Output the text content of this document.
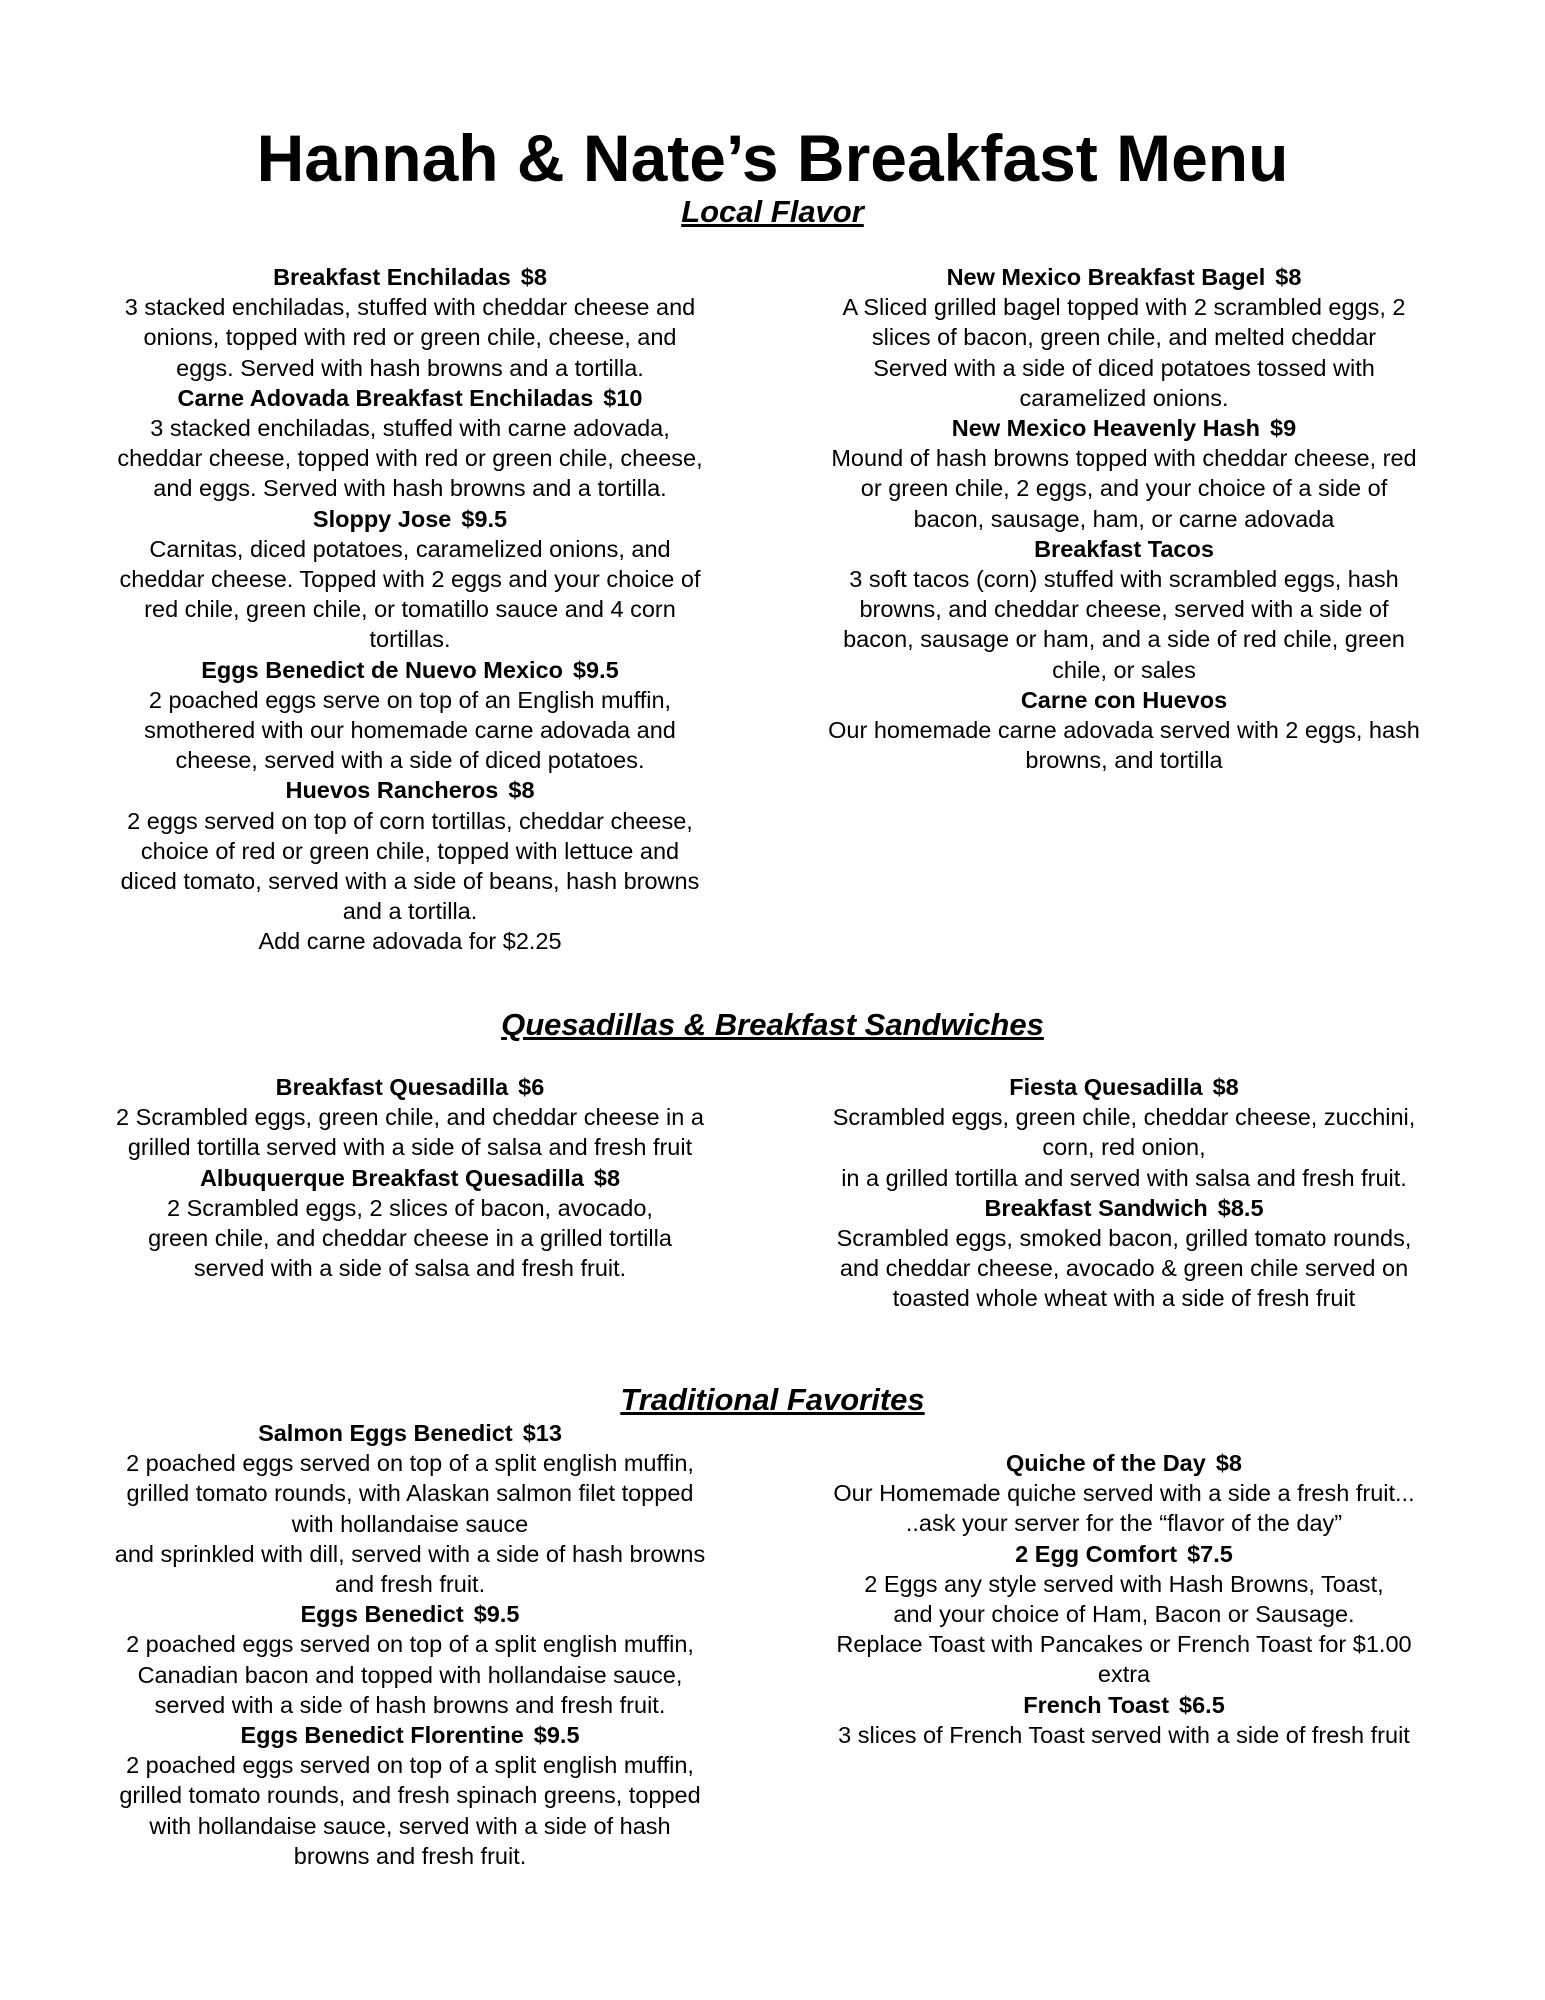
Hannah & Nate’s Breakfast Menu
Local Flavor

Breakfast Enchiladas $8

3 stacked enchiladas, stuffed with cheddar cheese and
onions, topped with red or green chile, cheese, and
eggs. Served with hash browns and a tortilla.

Carne Adovada Breakfast Enchiladas $10

3 stacked enchiladas, stuffed with carne adovada,
cheddar cheese, topped with red or green chile, cheese,
and eggs. Served with hash browns and a tortilla.

Sloppy Jose $9.5

Carnitas, diced potatoes, caramelized onions, and
cheddar cheese. Topped with 2 eggs and your choice of
red chile, green chile, or tomatillo sauce and 4 corn
tortillas.

Eggs Benedict de Nuevo Mexico $9.5

2 poached eggs serve on top of an English muffin,
smothered with our homemade carne adovada and
cheese, served with a side of diced potatoes.

Huevos Rancheros $8

2 eggs served on top of corn tortillas, cheddar cheese,
choice of red or green chile, topped with lettuce and
diced tomato, served with a side of beans, hash browns
and a tortilla.
Add carne adovada for $2.25

New Mexico Breakfast Bagel $8

A Sliced grilled bagel topped with 2 scrambled eggs, 2
slices of bacon, green chile, and melted cheddar
Served with a side of diced potatoes tossed with
caramelized onions.

New Mexico Heavenly Hash $9

Mound of hash browns topped with cheddar cheese, red
or green chile, 2 eggs, and your choice of a side of
bacon, sausage, ham, or carne adovada

Breakfast Tacos

3 soft tacos (corn) stuffed with scrambled eggs, hash
browns, and cheddar cheese, served with a side of
bacon, sausage or ham, and a side of red chile, green
chile, or sales

Carne con Huevos

Our homemade carne adovada served with 2 eggs, hash
browns, and tortilla

Quesadillas & Breakfast Sandwiches

Breakfast Quesadilla $6

2 Scrambled eggs, green chile, and cheddar cheese in a
grilled tortilla served with a side of salsa and fresh fruit

Albuquerque Breakfast Quesadilla $8

2 Scrambled eggs, 2 slices of bacon, avocado,
green chile, and cheddar cheese in a grilled tortilla
served with a side of salsa and fresh fruit.

Fiesta Quesadilla $8

Scrambled eggs, green chile, cheddar cheese, zucchini,
corn, red onion,
in a grilled tortilla and served with salsa and fresh fruit.

Breakfast Sandwich $8.5

Scrambled eggs, smoked bacon, grilled tomato rounds,
and cheddar cheese, avocado & green chile served on
toasted whole wheat with a side of fresh fruit

Traditional Favorites

Salmon Eggs Benedict $13

2 poached eggs served on top of a split english muffin,
grilled tomato rounds, with Alaskan salmon filet topped
with hollandaise sauce
and sprinkled with dill, served with a side of hash browns
and fresh fruit.

Eggs Benedict $9.5

2 poached eggs served on top of a split english muffin,
Canadian bacon and topped with hollandaise sauce,
served with a side of hash browns and fresh fruit.

Eggs Benedict Florentine $9.5

2 poached eggs served on top of a split english muffin,
grilled tomato rounds, and fresh spinach greens, topped
with hollandaise sauce, served with a side of hash
browns and fresh fruit.

Quiche of the Day $8

Our Homemade quiche served with a side a fresh fruit...
..ask your server for the “flavor of the day”

2 Egg Comfort $7.5

2 Eggs any style served with Hash Browns, Toast,
and your choice of Ham, Bacon or Sausage.
Replace Toast with Pancakes or French Toast for $1.00
extra

French Toast $6.5

3 slices of French Toast served with a side of fresh fruit
